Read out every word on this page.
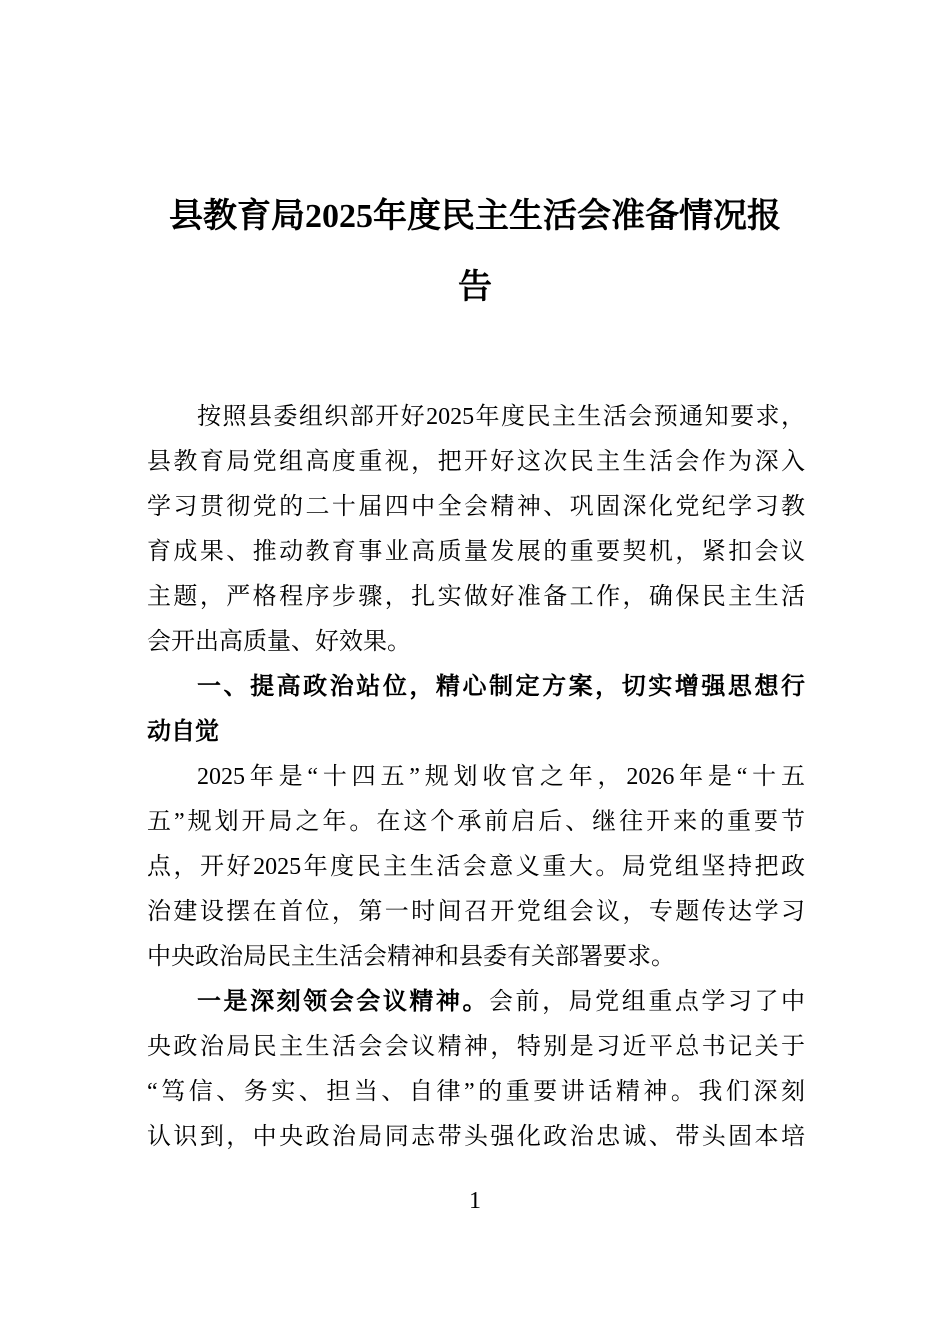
县教育局2025年度民主生活会准备情况报
告
按照县委组织部开好2025年度民主生活会预通知要求，
县教育局党组高度重视，把开好这次民主生活会作为深入
学习贯彻党的二十届四中全会精神、巩固深化党纪学习教
育成果、推动教育事业高质量发展的重要契机，紧扣会议
主题，严格程序步骤，扎实做好准备工作，确保民主生活
会开出高质量、好效果。
一、提高政治站位，精心制定方案，切实增强思想行
动自觉
2025年是“十四五”规划收官之年，2026年是“十五
五”规划开局之年。在这个承前启后、继往开来的重要节
点，开好2025年度民主生活会意义重大。局党组坚持把政
治建设摆在首位，第一时间召开党组会议，专题传达学习
中央政治局民主生活会精神和县委有关部署要求。
一是深刻领会会议精神。会前，局党组重点学习了中
央政治局民主生活会会议精神，特别是习近平总书记关于
“笃信、务实、担当、自律”的重要讲话精神。我们深刻
认识到，中央政治局同志带头强化政治忠诚、带头固本培
1
